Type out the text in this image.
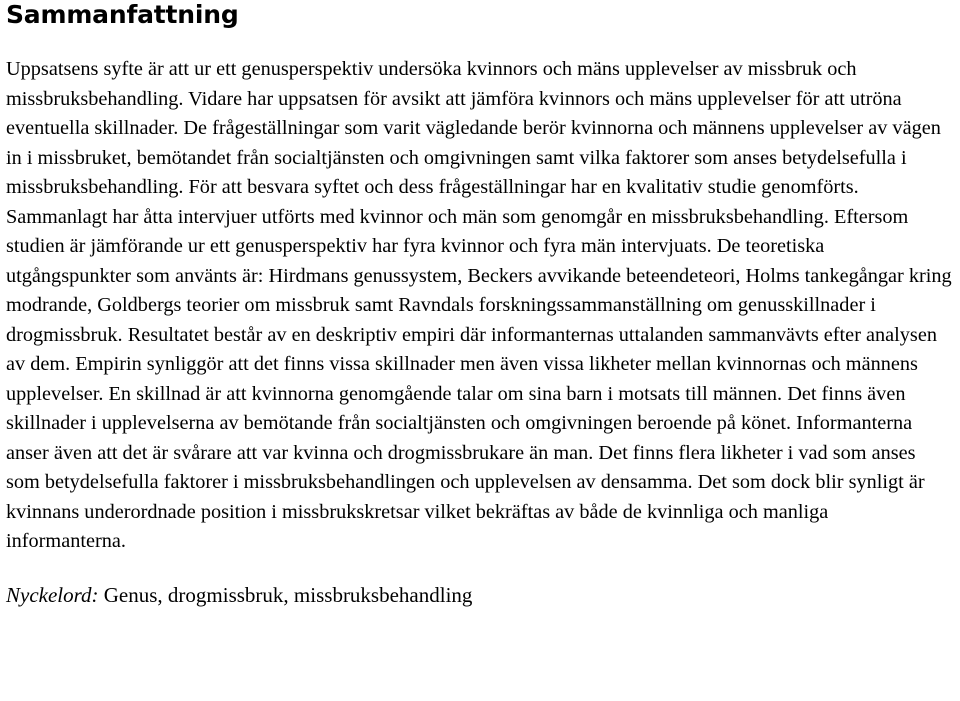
Sammanfattning

Uppsatsens syfte är att ur ett genusperspektiv undersöka kvinnors och mäns upplevelser av missbruk och missbruksbehandling. Vidare har uppsatsen för avsikt att jämföra kvinnors och mäns upplevelser för att utröna eventuella skillnader. De frågeställningar som varit vägledande berör kvinnorna och männens upplevelser av vägen in i missbruket, bemötandet från socialtjänsten och omgivningen samt vilka faktorer som anses betydelsefulla i missbruksbehandling. För att besvara syftet och dess frågeställningar har en kvalitativ studie genomförts. Sammanlagt har åtta intervjuer utförts med kvinnor och män som genomgår en missbruksbehandling. Eftersom studien är jämförande ur ett genusperspektiv har fyra kvinnor och fyra män intervjuats. De teoretiska utgångspunkter som använts är: Hirdmans genussystem, Beckers avvikande beteendeteori, Holms tankegångar kring modrande, Goldbergs teorier om missbruk samt Ravndals forskningssammanställning om genusskillnader i drogmissbruk. Resultatet består av en deskriptiv empiri där informanternas uttalanden sammanvävts efter analysen av dem. Empirin synliggör att det finns vissa skillnader men även vissa likheter mellan kvinnornas och männens upplevelser. En skillnad är att kvinnorna genomgående talar om sina barn i motsats till männen. Det finns även skillnader i upplevelserna av bemötande från socialtjänsten och omgivningen beroende på könet. Informanterna anser även att det är svårare att var kvinna och drogmissbrukare än man. Det finns flera likheter i vad som anses som betydelsefulla faktorer i missbruksbehandlingen och upplevelsen av densamma. Det som dock blir synligt är kvinnans underordnade position i missbrukskretsar vilket bekräftas av både de kvinnliga och manliga informanterna.

Nyckelord: Genus, drogmissbruk, missbruksbehandling
